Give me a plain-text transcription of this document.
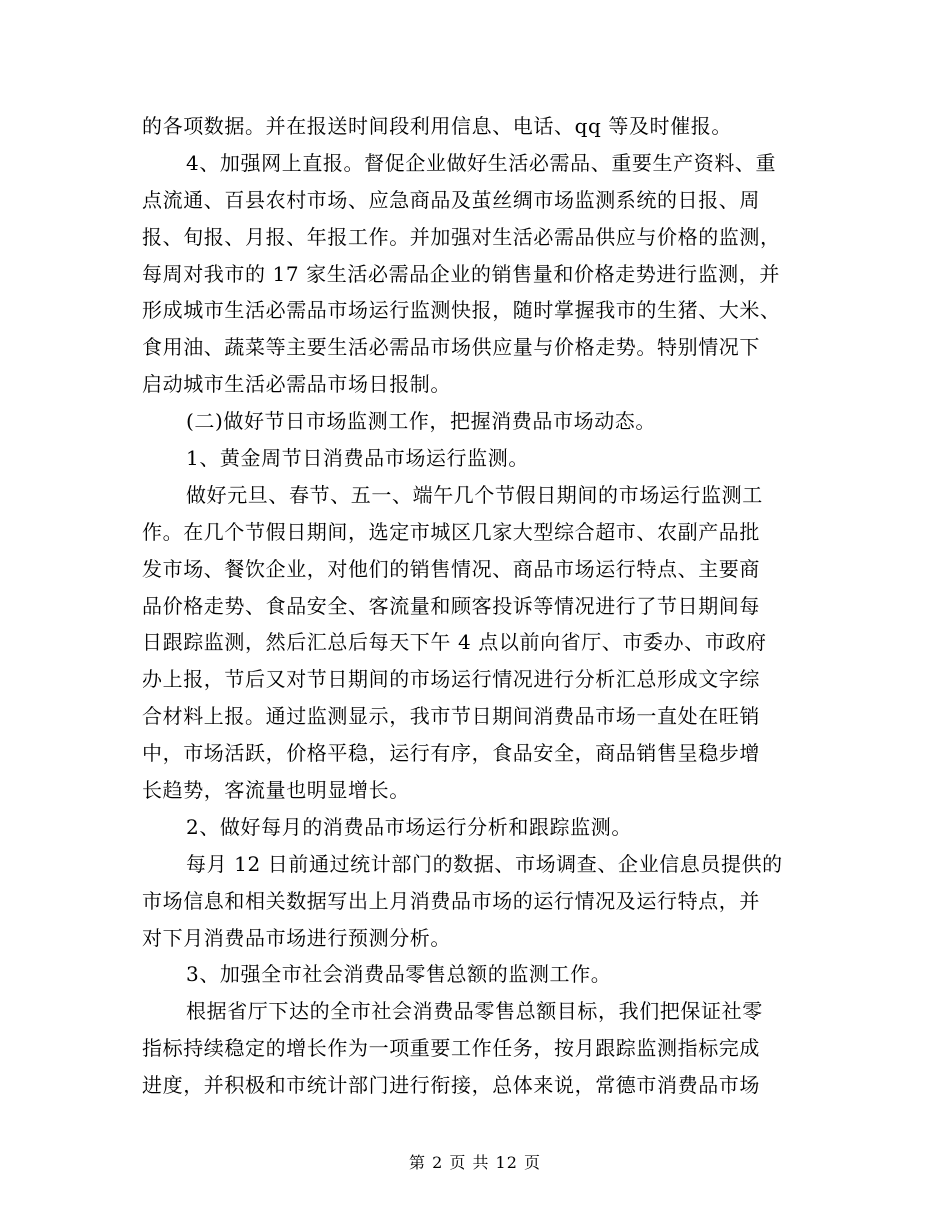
的各项数据。并在报送时间段利用信息、电话、qq 等及时催报。
4、加强网上直报。督促企业做好生活必需品、重要生产资料、重
点流通、百县农村市场、应急商品及茧丝绸市场监测系统的日报、周
报、旬报、月报、年报工作。并加强对生活必需品供应与价格的监测，
每周对我市的 17 家生活必需品企业的销售量和价格走势进行监测，并
形成城市生活必需品市场运行监测快报，随时掌握我市的生猪、大米、
食用油、蔬菜等主要生活必需品市场供应量与价格走势。特别情况下
启动城市生活必需品市场日报制。
(二)做好节日市场监测工作，把握消费品市场动态。
1、黄金周节日消费品市场运行监测。
做好元旦、春节、五一、端午几个节假日期间的市场运行监测工
作。在几个节假日期间，选定市城区几家大型综合超市、农副产品批
发市场、餐饮企业，对他们的销售情况、商品市场运行特点、主要商
品价格走势、食品安全、客流量和顾客投诉等情况进行了节日期间每
日跟踪监测，然后汇总后每天下午 4 点以前向省厅、市委办、市政府
办上报，节后又对节日期间的市场运行情况进行分析汇总形成文字综
合材料上报。通过监测显示，我市节日期间消费品市场一直处在旺销
中，市场活跃，价格平稳，运行有序，食品安全，商品销售呈稳步增
长趋势，客流量也明显增长。
2、做好每月的消费品市场运行分析和跟踪监测。
每月 12 日前通过统计部门的数据、市场调查、企业信息员提供的
市场信息和相关数据写出上月消费品市场的运行情况及运行特点，并
对下月消费品市场进行预测分析。
3、加强全市社会消费品零售总额的监测工作。
根据省厅下达的全市社会消费品零售总额目标，我们把保证社零
指标持续稳定的增长作为一项重要工作任务，按月跟踪监测指标完成
进度，并积极和市统计部门进行衔接，总体来说，常德市消费品市场
第 2 页 共 12 页
